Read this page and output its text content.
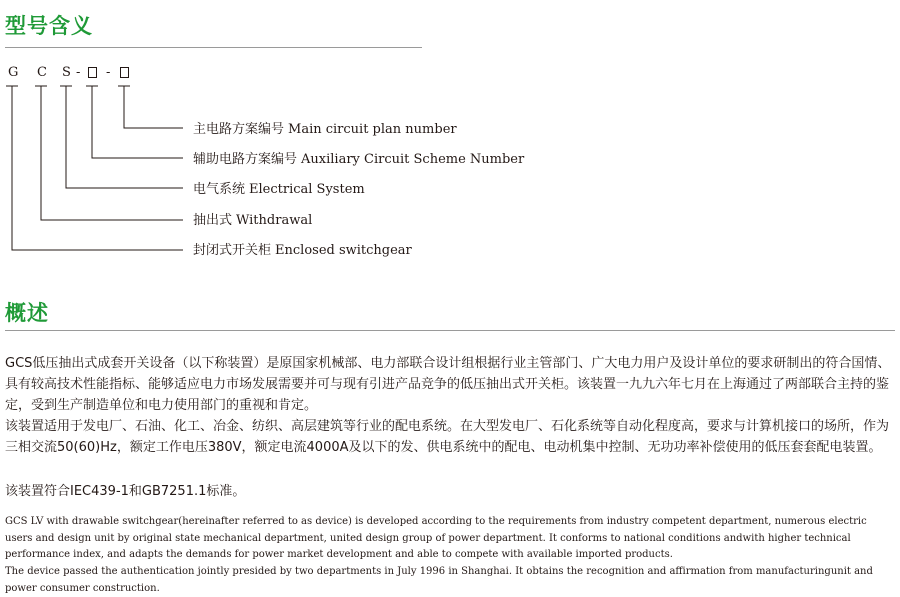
型号含义
G C S - -
主电路方案编号 Main circuit plan number
辅助电路方案编号 Auxiliary Circuit Scheme Number
电气系统 Electrical System
抽出式 Withdrawal
封闭式开关柜 Enclosed switchgear
概述

GCS低压抽出式成套开关设备（以下称装置）是原国家机械部、电力部联合设计组根据行业主管部门、广大电力用户及设计单位的要求研制出的符合国情、具有较高技术性能指标、能够适应电力市场发展需要并可与现有引进产品竞争的低压抽出式开关柜。该装置一九九六年七月在上海通过了两部联合主持的鉴定，受到生产制造单位和电力使用部门的重视和肯定。

该装置适用于发电厂、石油、化工、冶金、纺织、高层建筑等行业的配电系统。在大型发电厂、石化系统等自动化程度高，要求与计算机接口的场所，作为三相交流50(60)Hz，额定工作电压380V，额定电流4000A及以下的发、供电系统中的配电、电动机集中控制、无功功率补偿使用的低压套套配电装置。

该装置符合IEC439-1和GB7251.1标准。

GCS LV with drawable switchgear(hereinafter referred to as device) is developed according to the requirements from industry competent department, numerous electric users and design unit by original state mechanical department, united design group of power department. It conforms to national conditions andwith higher technical performance index, and adapts the demands for power market development and able to compete with available imported products.

The device passed the authentication jointly presided by two departments in July 1996 in Shanghai. It obtains the recognition and affirmation from manufacturingunit and power consumer construction.
